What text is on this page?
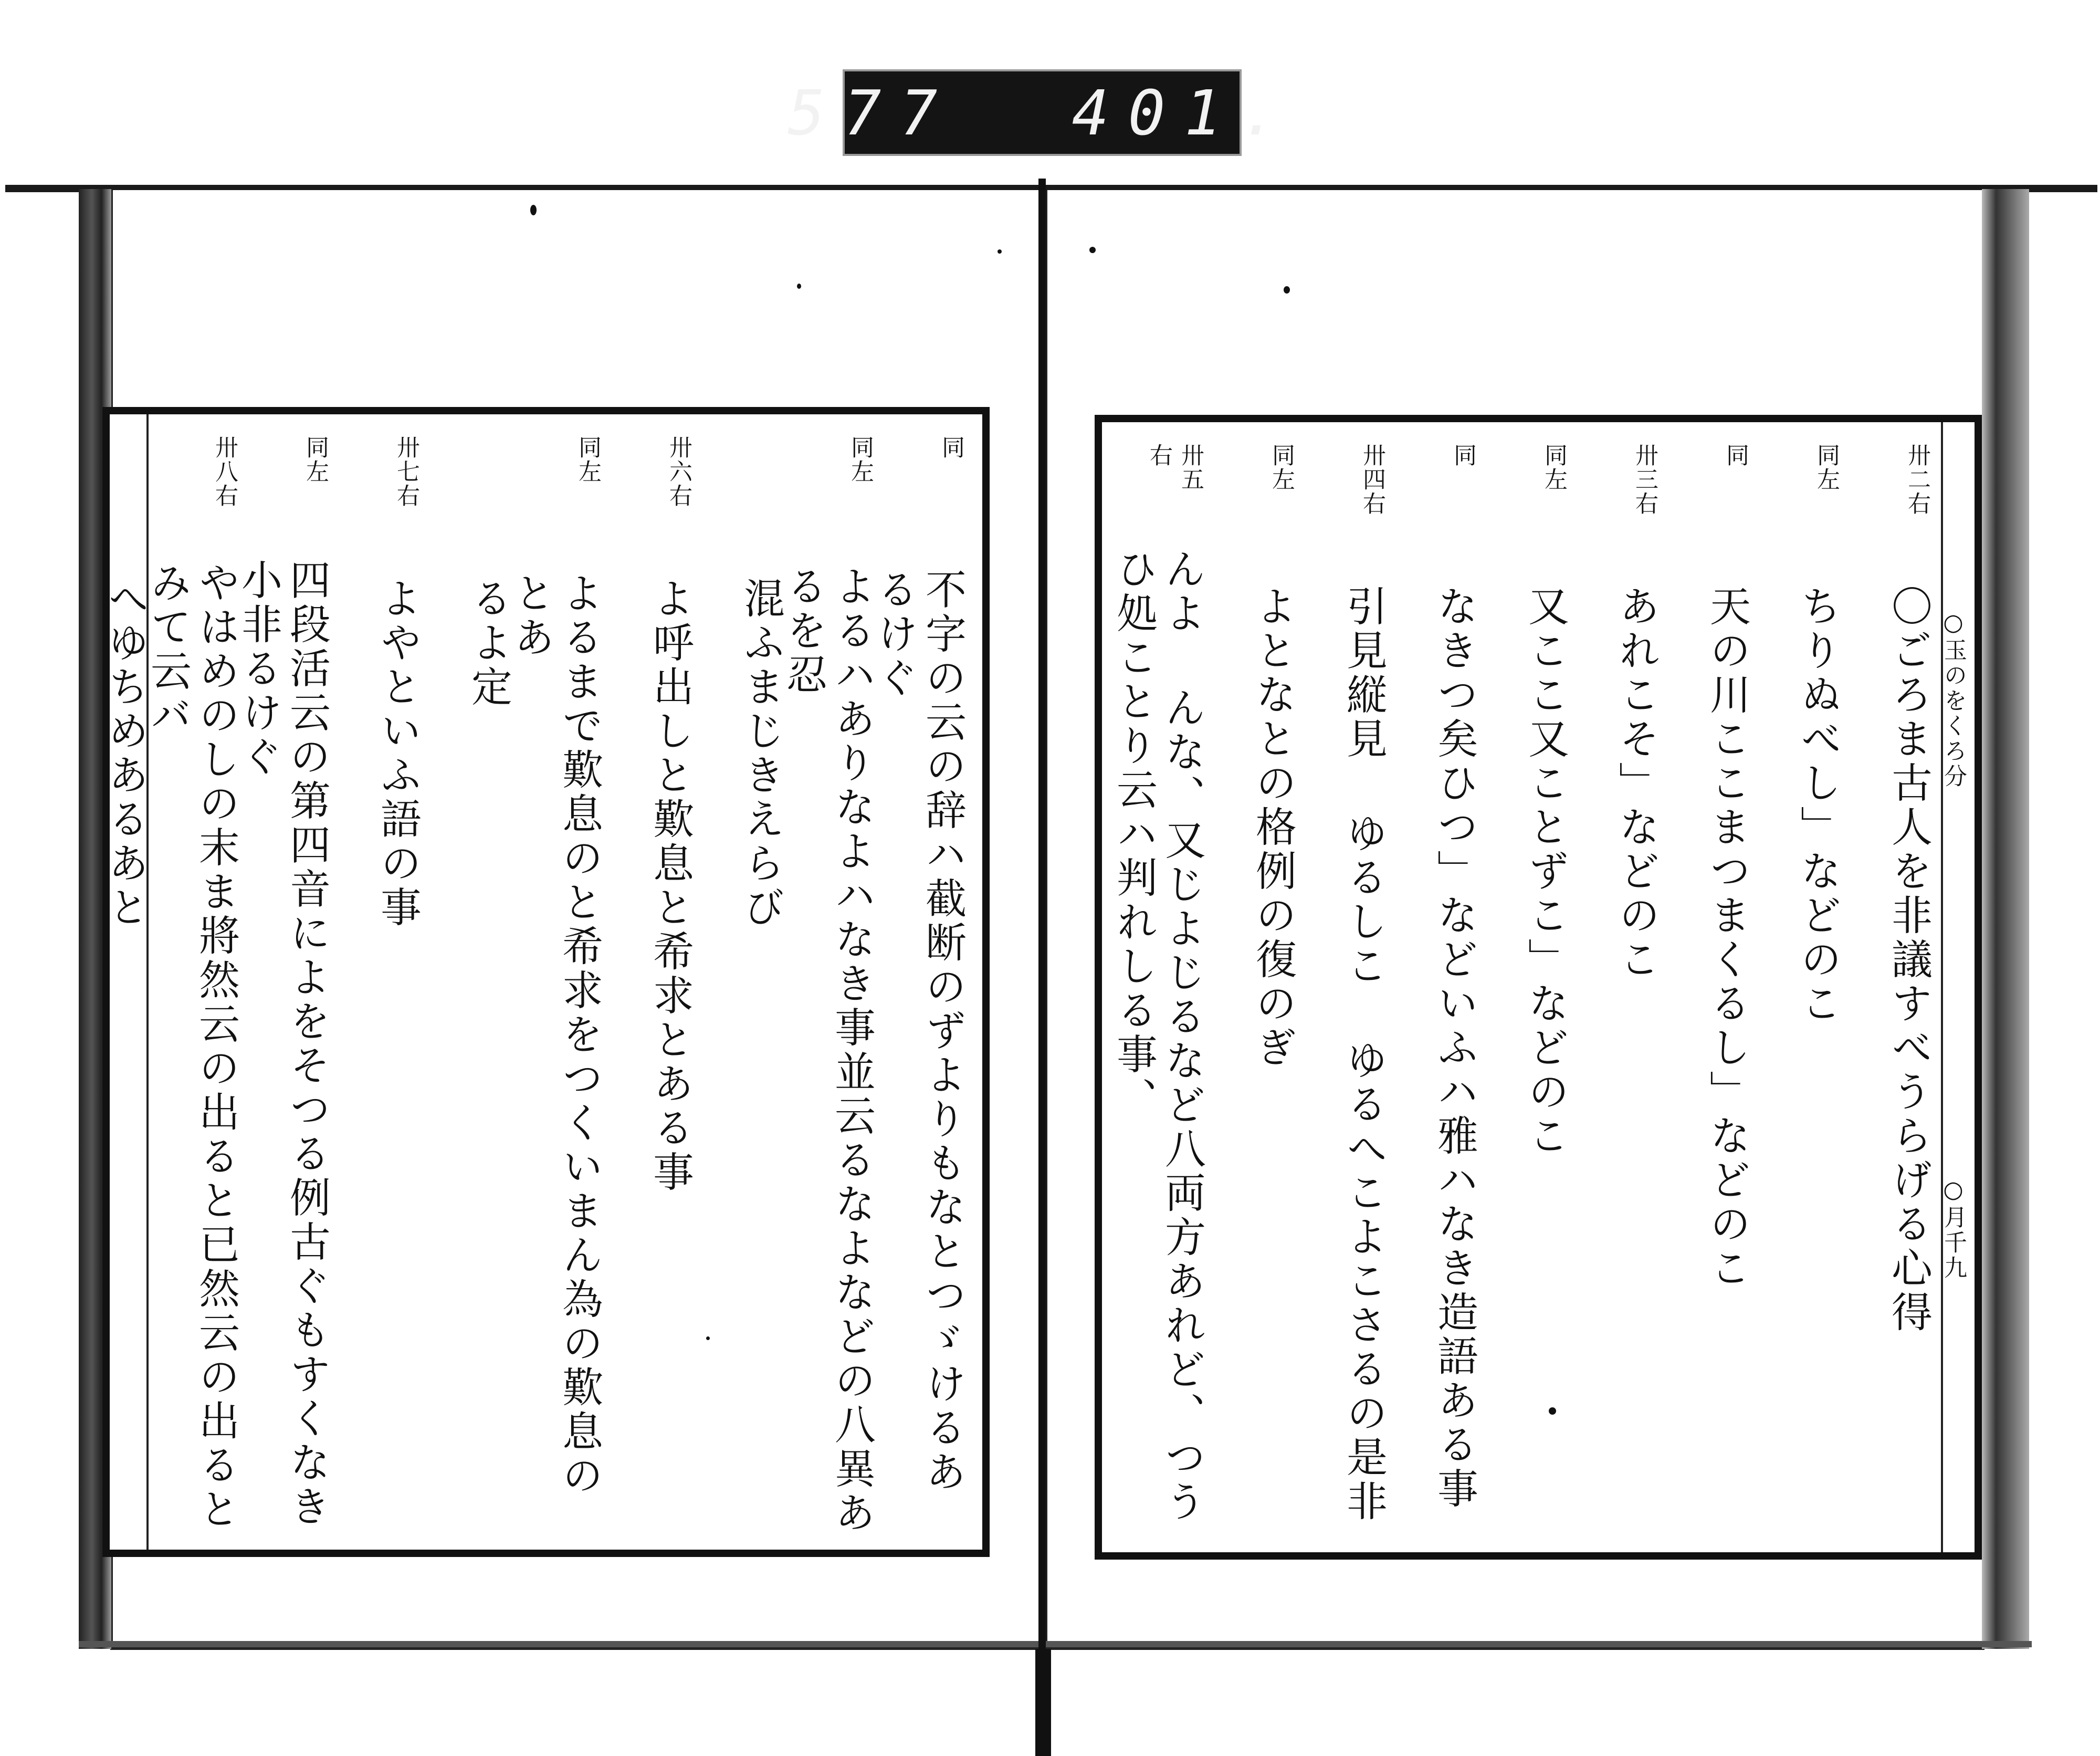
577 401.
卅二右
〇ごろま古人を非議すべうらげる心得
同左
ちりぬべし」などのこ
同
天の川ここまつまくるし」などのこ
卅三右
あれこそ」などのこ
同左
又ここ又ことずこ」などのこ
同
なきつ矣ひつ」などいふハ雅ハなき造語ある事
卅四右
引見縦見 ゆるしこ ゆるへこよこさるの是非
同左
よとなとの格例の復のぎ
卅五右
んよ んな、又じよじるなど八両方あれど、つうひ処ことり云ハ判れしる事、	○玉のをくろ分
○月千九
同
不字の云の辞ハ截断のずよりもなとつゞけるあるけぐ
同左
よるハありなよハなき事並云るなよなどの八異あるを忍
混ふまじきえらび
卅六右
よ呼出しと歎息と希求とある事
同左
よるまで歎息のと希求をつくいまん為の歎息のとあ
るよ定
卅七右
よやといふ語の事
同左
四段活云の第四音によをそつる例古ぐもすくなき小非るけぐ
卅八右
やはめのしの末ま將然云の出ると已然云の出るとみて云バ
へゆちめあるあと
